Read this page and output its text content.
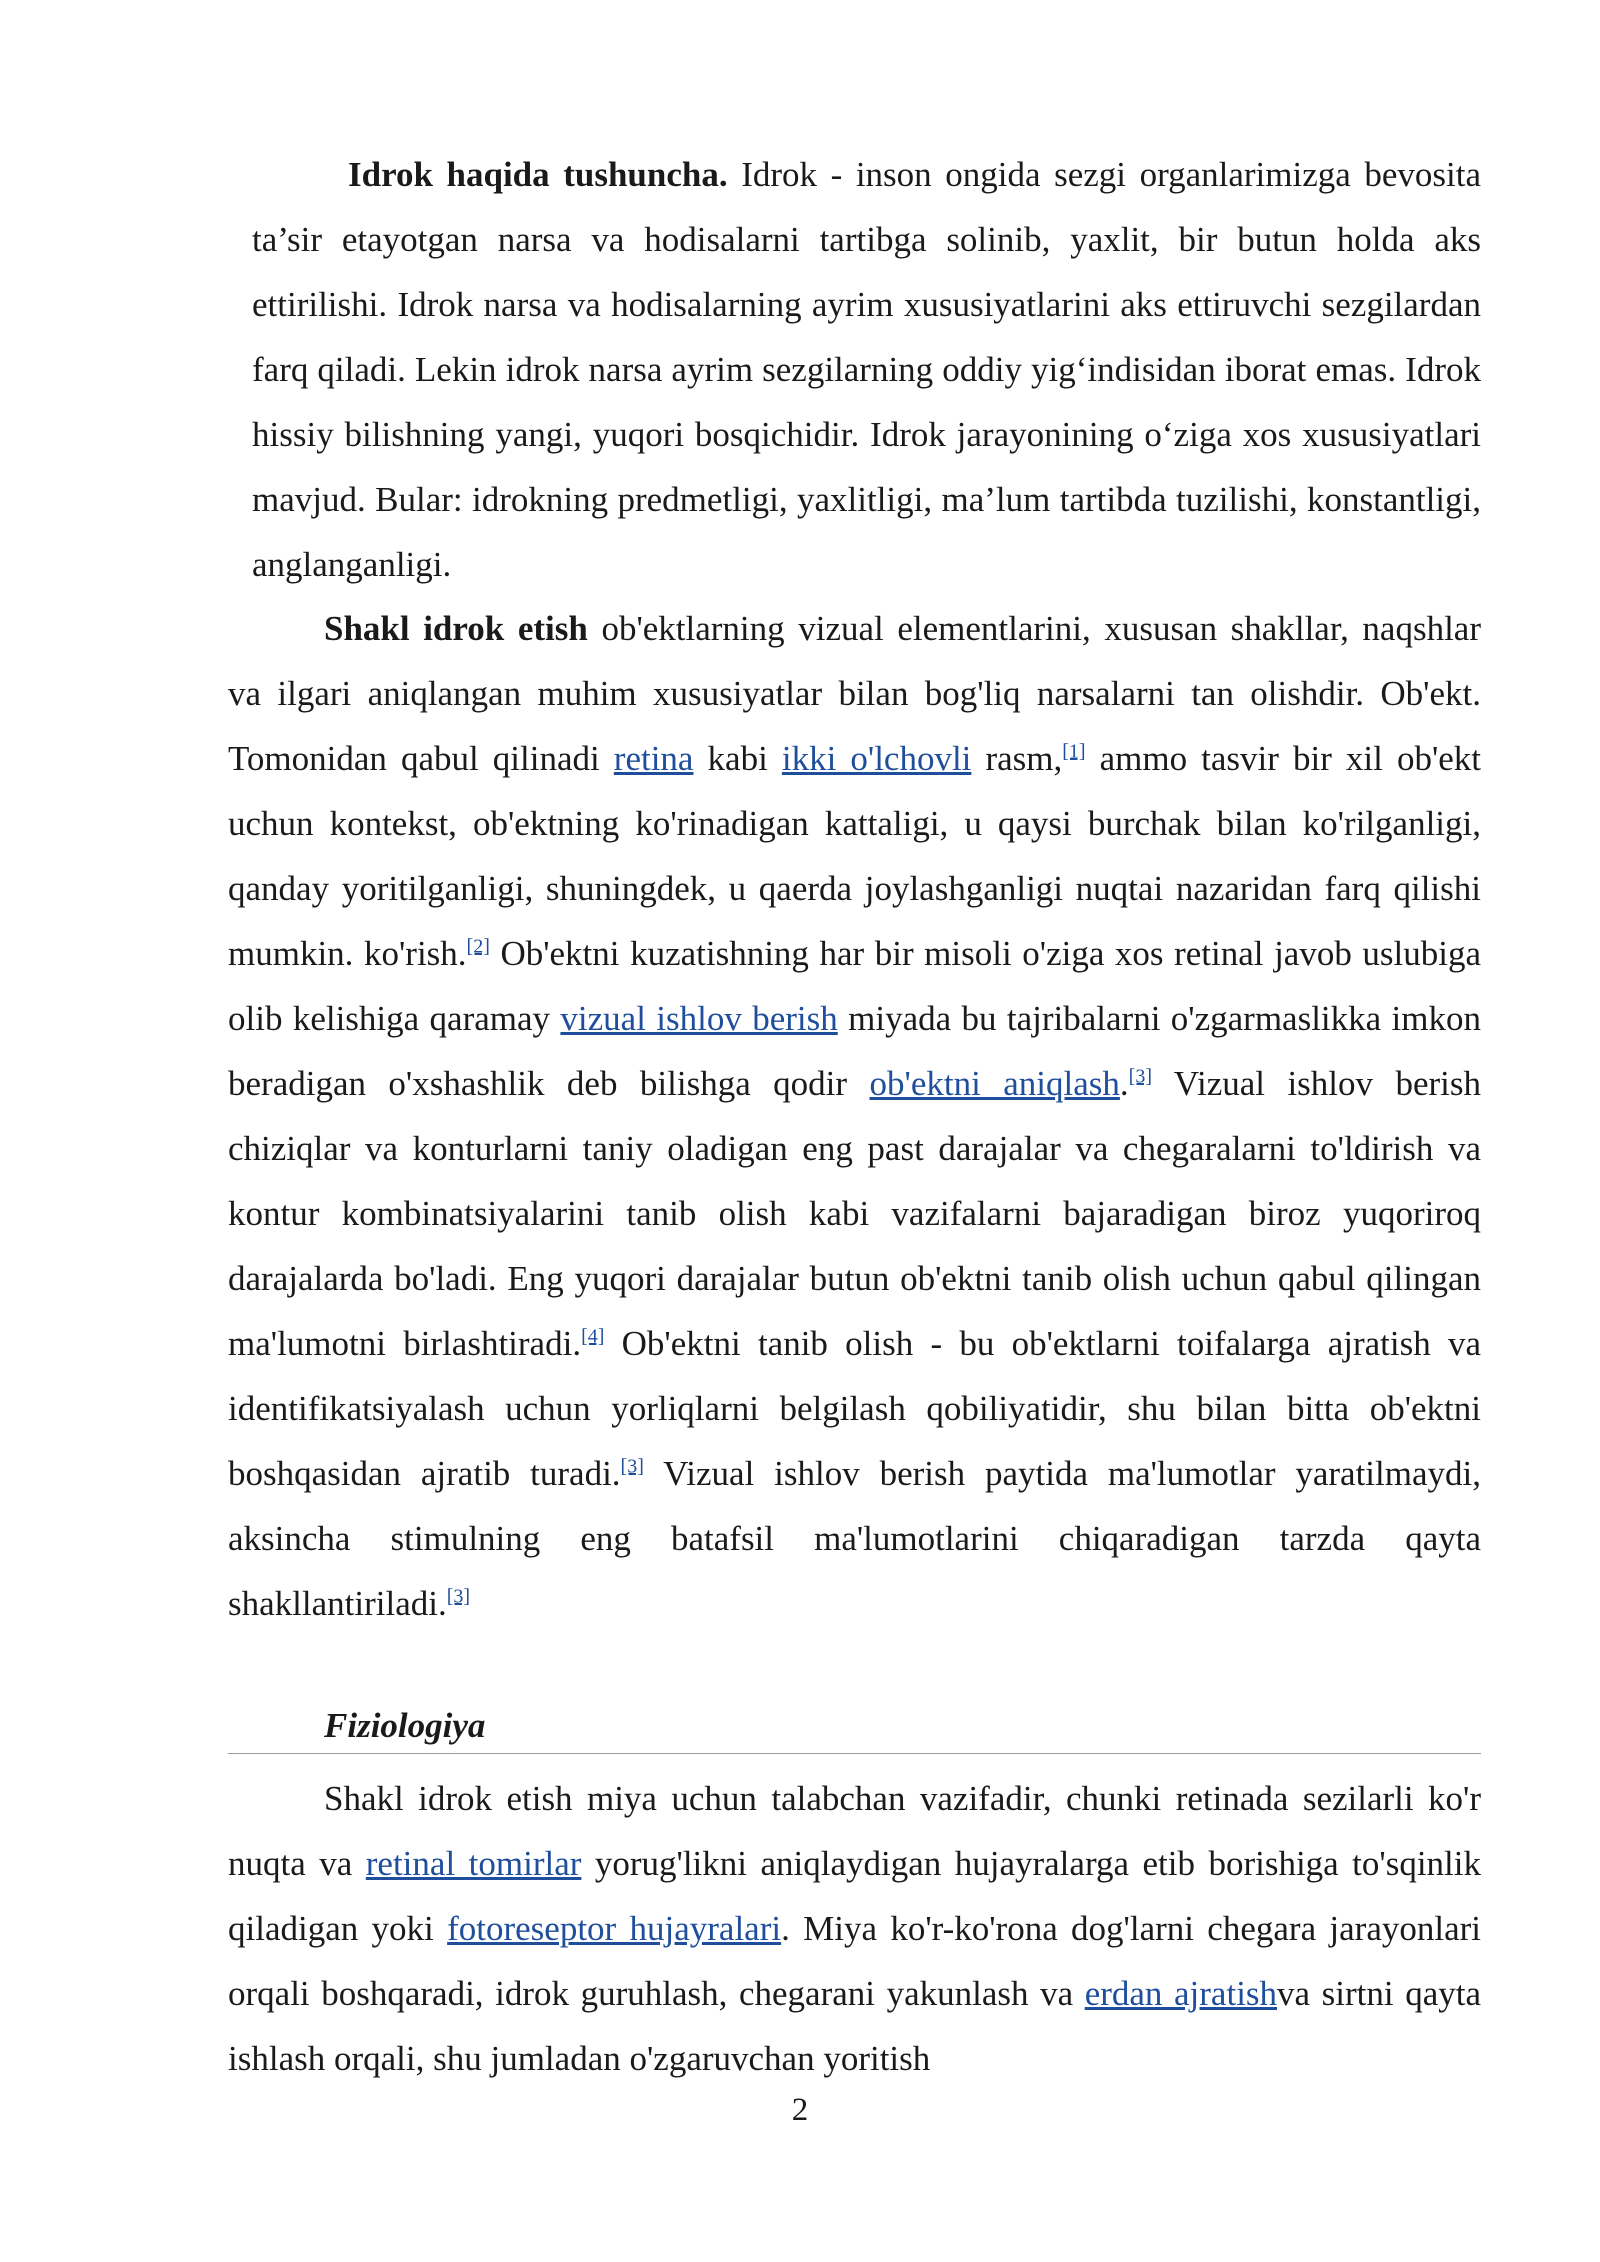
Idrok haqida tushuncha. Idrok - inson ongida sezgi organlarimizga bevosita ta’sir etayotgan narsa va hodisalarni tartibga solinib, yaxlit, bir butun holda aks ettirilishi. Idrok narsa va hodisalarning ayrim xususiyatlarini aks ettiruvchi sezgilardan farq qiladi. Lekin idrok narsa ayrim sezgilarning oddiy yig‘indisidan iborat emas. Idrok hissiy bilishning yangi, yuqori bosqichidir. Idrok jarayonining o‘ziga xos xususiyatlari mavjud. Bular: idrokning predmetligi, yaxlitligi, ma’lum tartibda tuzilishi, konstantligi, anglanganligi.

Shakl idrok etish ob'ektlarning vizual elementlarini, xususan shakllar, naqshlar va ilgari aniqlangan muhim xususiyatlar bilan bog'liq narsalarni tan olishdir. Ob'ekt. Tomonidan qabul qilinadi retina kabi ikki o'lchovli rasm,[1] ammo tasvir bir xil ob'ekt uchun kontekst, ob'ektning ko'rinadigan kattaligi, u qaysi burchak bilan ko'rilganligi, qanday yoritilganligi, shuningdek, u qaerda joylashganligi nuqtai nazaridan farq qilishi mumkin. ko'rish.[2] Ob'ektni kuzatishning har bir misoli o'ziga xos retinal javob uslubiga olib kelishiga qaramay vizual ishlov berish miyada bu tajribalarni o'zgarmaslikka imkon beradigan o'xshashlik deb bilishga qodir ob'ektni aniqlash.[3] Vizual ishlov berish chiziqlar va konturlarni taniy oladigan eng past darajalar va chegaralarni to'ldirish va kontur kombinatsiyalarini tanib olish kabi vazifalarni bajaradigan biroz yuqoriroq darajalarda bo'ladi. Eng yuqori darajalar butun ob'ektni tanib olish uchun qabul qilingan ma'lumotni birlashtiradi.[4] Ob'ektni tanib olish - bu ob'ektlarni toifalarga ajratish va identifikatsiyalash uchun yorliqlarni belgilash qobiliyatidir, shu bilan bitta ob'ektni boshqasidan ajratib turadi.[3] Vizual ishlov berish paytida ma'lumotlar yaratilmaydi, aksincha stimulning eng batafsil ma'lumotlarini chiqaradigan tarzda qayta shakllantiriladi.[3]

Fiziologiya

Shakl idrok etish miya uchun talabchan vazifadir, chunki retinada sezilarli ko'r nuqta va retinal tomirlar yorug'likni aniqlaydigan hujayralarga etib borishiga to'sqinlik qiladigan yoki fotoreseptor hujayralari. Miya ko'r-ko'rona dog'larni chegara jarayonlari orqali boshqaradi, idrok guruhlash, chegarani yakunlash va erdan ajratishva sirtni qayta ishlash orqali, shu jumladan o'zgaruvchan yoritish

2
